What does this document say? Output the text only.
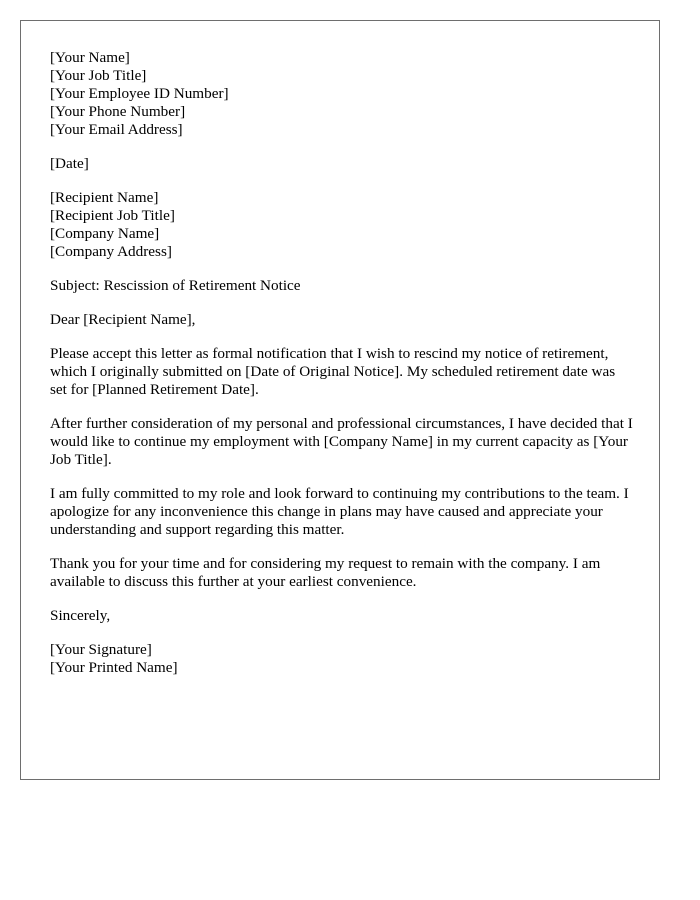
[Your Name]
[Your Job Title]
[Your Employee ID Number]
[Your Phone Number]
[Your Email Address]
[Date]
[Recipient Name]
[Recipient Job Title]
[Company Name]
[Company Address]
Subject: Rescission of Retirement Notice
Dear [Recipient Name],

Please accept this letter as formal notification that I wish to rescind my notice of retirement, which I originally submitted on [Date of Original Notice]. My scheduled retirement date was set for [Planned Retirement Date].

After further consideration of my personal and professional circumstances, I have decided that I would like to continue my employment with [Company Name] in my current capacity as [Your Job Title].

I am fully committed to my role and look forward to continuing my contributions to the team. I apologize for any inconvenience this change in plans may have caused and appreciate your understanding and support regarding this matter.

Thank you for your time and for considering my request to remain with the company. I am available to discuss this further at your earliest convenience.

Sincerely,
[Your Signature]
[Your Printed Name]
